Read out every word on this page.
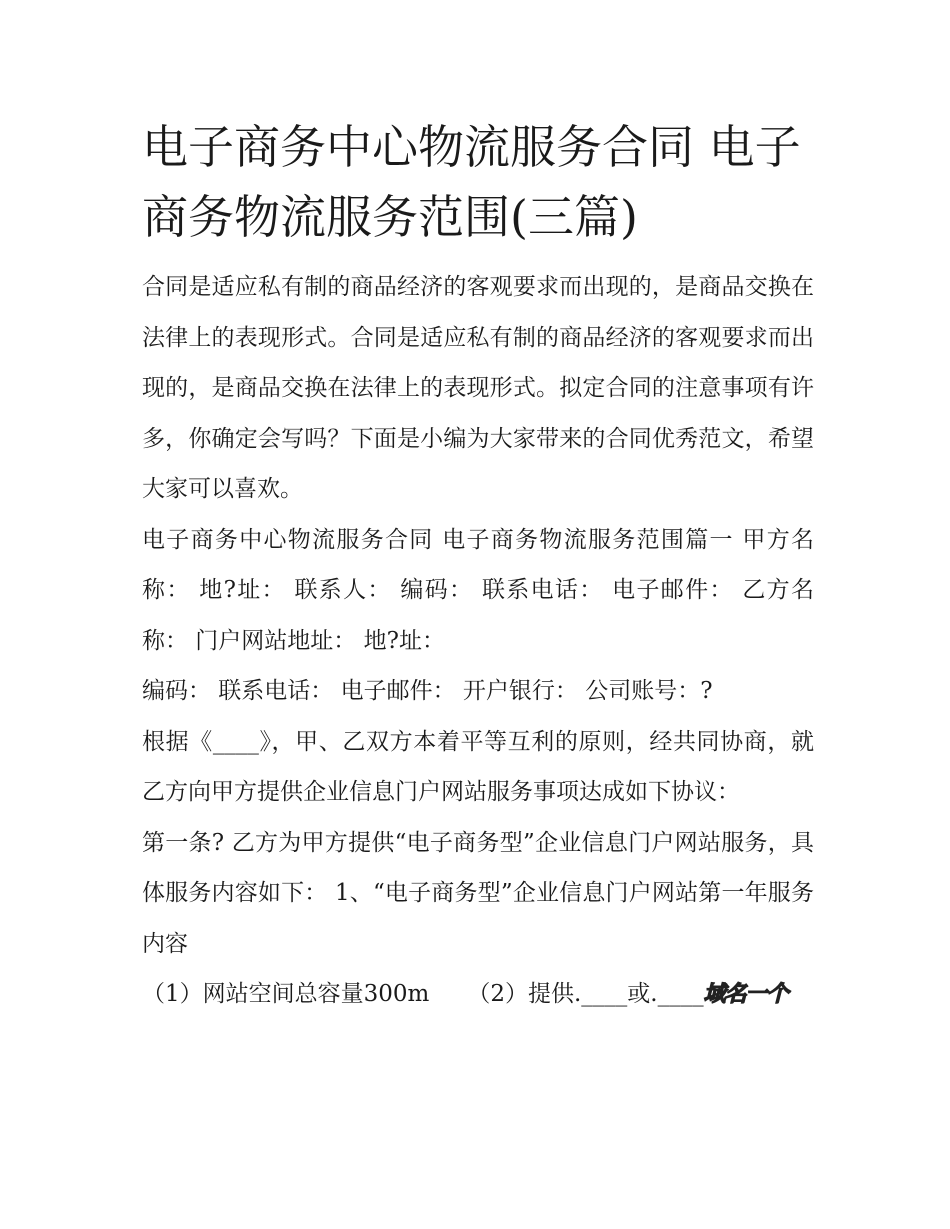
电子商务中心物流服务合同 电子商务物流服务范围(三篇)

合同是适应私有制的商品经济的客观要求而出现的，是商品交换在法律上的表现形式。合同是适应私有制的商品经济的客观要求而出现的，是商品交换在法律上的表现形式。拟定合同的注意事项有许多，你确定会写吗？下面是小编为大家带来的合同优秀范文，希望大家可以喜欢。

电子商务中心物流服务合同 电子商务物流服务范围篇一 甲方名称： 地?址： 联系人： 编码： 联系电话： 电子邮件： 乙方名称： 门户网站地址： 地?址：

编码： 联系电话： 电子邮件： 开户银行： 公司账号：?

根据《____》，甲、乙双方本着平等互利的原则，经共同协商，就乙方向甲方提供企业信息门户网站服务事项达成如下协议：

第一条? 乙方为甲方提供“电子商务型”企业信息门户网站服务，具体服务内容如下： 1、“电子商务型”企业信息门户网站第一年服务内容

（1）网站空间总容量300m （2）提供.____或.____域名一个
